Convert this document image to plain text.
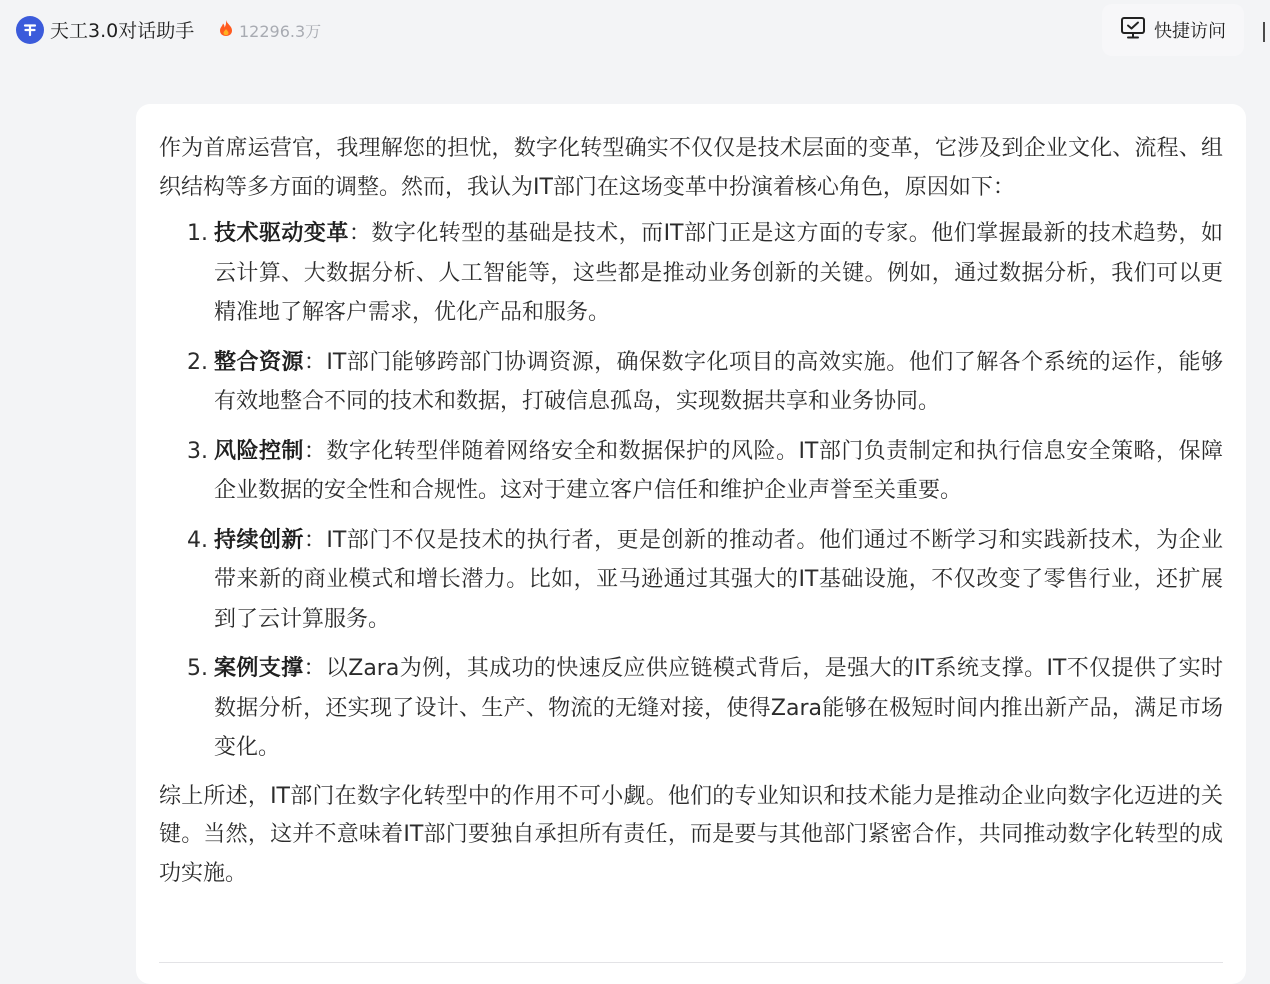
天工3.0对话助手	12296.3万	快捷访问

作为首席运营官，我理解您的担忧，数字化转型确实不仅仅是技术层面的变革，它涉及到企业文化、流程、组织结构等多方面的调整。然而，我认为IT部门在这场变革中扮演着核心角色，原因如下：

1. 技术驱动变革：数字化转型的基础是技术，而IT部门正是这方面的专家。他们掌握最新的技术趋势，如云计算、大数据分析、人工智能等，这些都是推动业务创新的关键。例如，通过数据分析，我们可以更精准地了解客户需求，优化产品和服务。
2. 整合资源：IT部门能够跨部门协调资源，确保数字化项目的高效实施。他们了解各个系统的运作，能够有效地整合不同的技术和数据，打破信息孤岛，实现数据共享和业务协同。
3. 风险控制：数字化转型伴随着网络安全和数据保护的风险。IT部门负责制定和执行信息安全策略，保障企业数据的安全性和合规性。这对于建立客户信任和维护企业声誉至关重要。
4. 持续创新：IT部门不仅是技术的执行者，更是创新的推动者。他们通过不断学习和实践新技术，为企业带来新的商业模式和增长潜力。比如，亚马逊通过其强大的IT基础设施，不仅改变了零售行业，还扩展到了云计算服务。
5. 案例支撑：以Zara为例，其成功的快速反应供应链模式背后，是强大的IT系统支撑。IT不仅提供了实时数据分析，还实现了设计、生产、物流的无缝对接，使得Zara能够在极短时间内推出新产品，满足市场变化。

综上所述，IT部门在数字化转型中的作用不可小觑。他们的专业知识和技术能力是推动企业向数字化迈进的关键。当然，这并不意味着IT部门要独自承担所有责任，而是要与其他部门紧密合作，共同推动数字化转型的成功实施。
